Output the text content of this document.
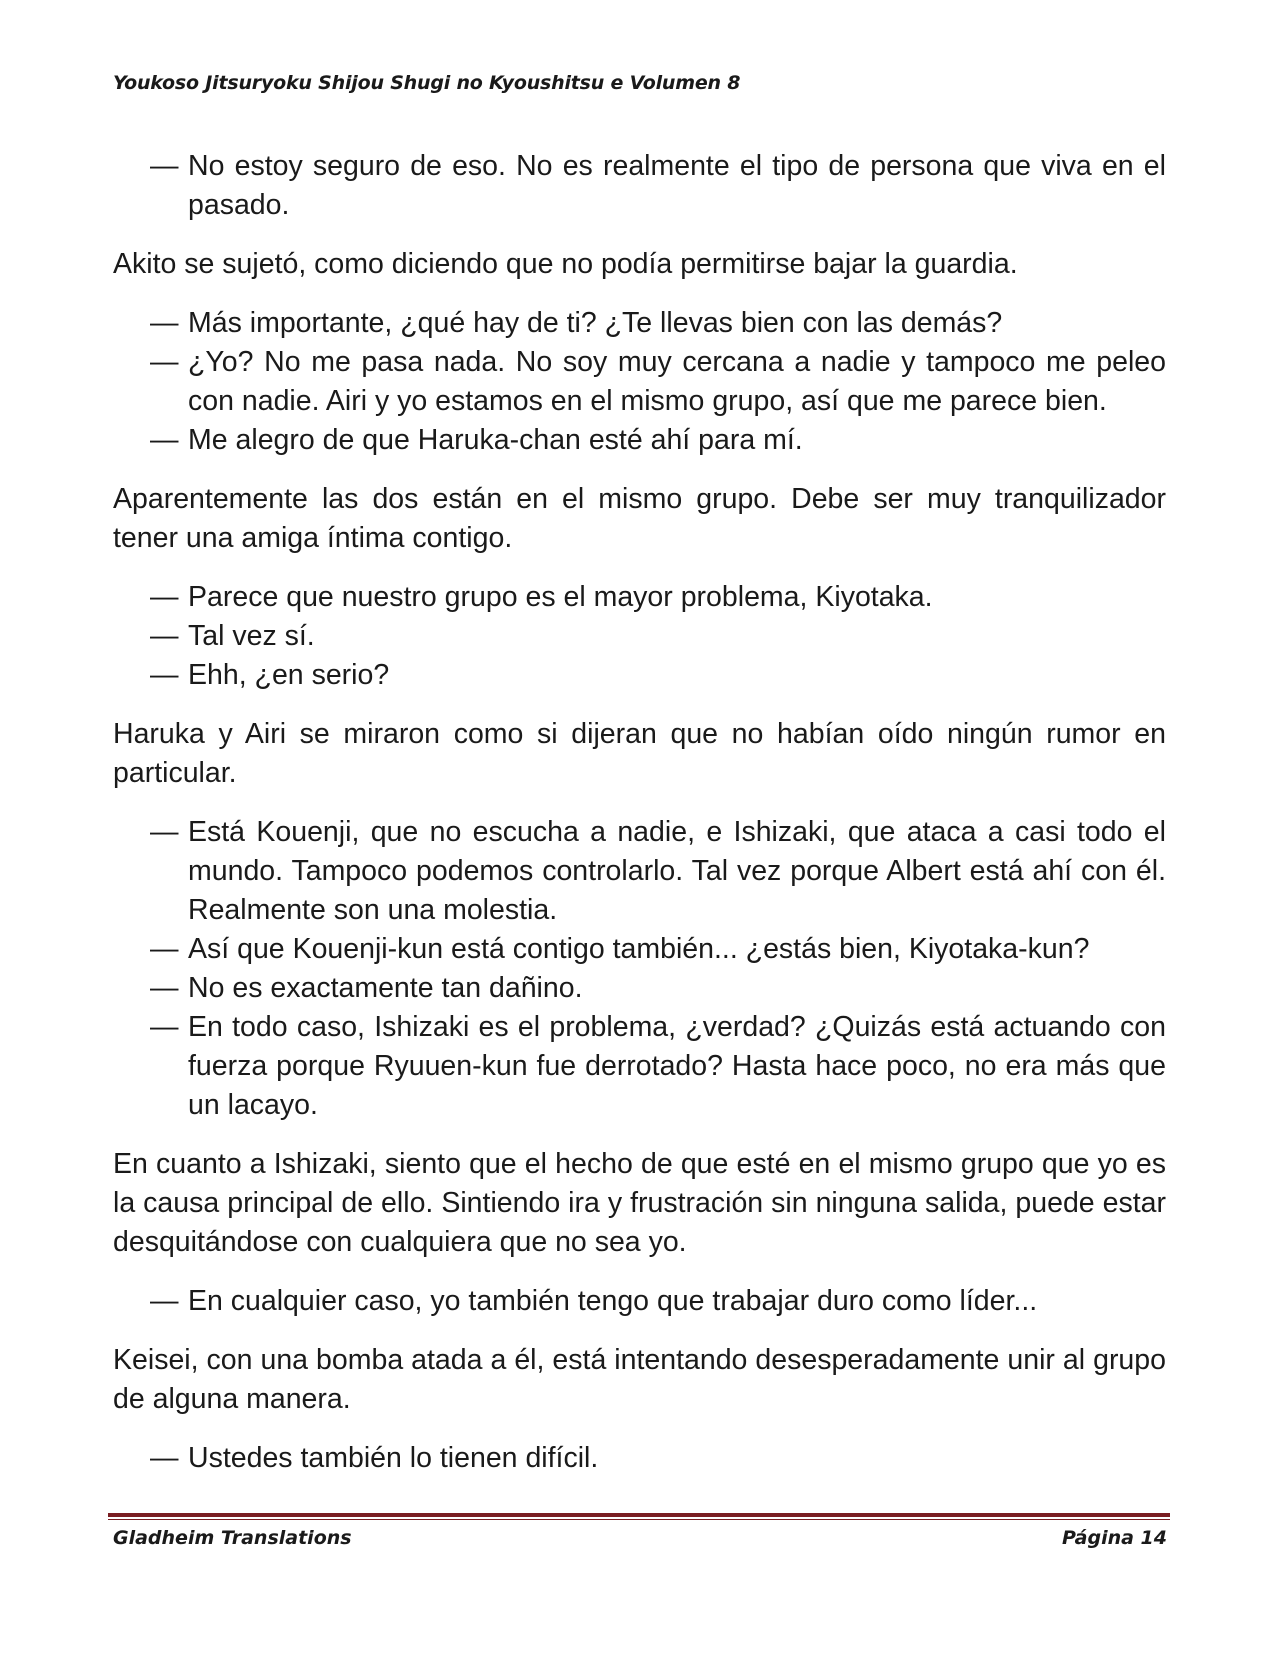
Youkoso Jitsuryoku Shijou Shugi no Kyoushitsu e Volumen 8

— No estoy seguro de eso. No es realmente el tipo de persona que viva en el pasado.

Akito se sujetó, como diciendo que no podía permitirse bajar la guardia.

— Más importante, ¿qué hay de ti? ¿Te llevas bien con las demás?

— ¿Yo? No me pasa nada. No soy muy cercana a nadie y tampoco me peleo con nadie. Airi y yo estamos en el mismo grupo, así que me parece bien.

— Me alegro de que Haruka-chan esté ahí para mí.

Aparentemente las dos están en el mismo grupo. Debe ser muy tranquilizador tener una amiga íntima contigo.

— Parece que nuestro grupo es el mayor problema, Kiyotaka.

— Tal vez sí.

— Ehh, ¿en serio?

Haruka y Airi se miraron como si dijeran que no habían oído ningún rumor en particular.

— Está Kouenji, que no escucha a nadie, e Ishizaki, que ataca a casi todo el mundo. Tampoco podemos controlarlo. Tal vez porque Albert está ahí con él. Realmente son una molestia.

— Así que Kouenji-kun está contigo también... ¿estás bien, Kiyotaka-kun?

— No es exactamente tan dañino.

— En todo caso, Ishizaki es el problema, ¿verdad? ¿Quizás está actuando con fuerza porque Ryuuen-kun fue derrotado? Hasta hace poco, no era más que un lacayo.

En cuanto a Ishizaki, siento que el hecho de que esté en el mismo grupo que yo es la causa principal de ello. Sintiendo ira y frustración sin ninguna salida, puede estar desquitándose con cualquiera que no sea yo.

— En cualquier caso, yo también tengo que trabajar duro como líder...

Keisei, con una bomba atada a él, está intentando desesperadamente unir al grupo de alguna manera.

— Ustedes también lo tienen difícil.

Gladheim Translations	Página 14
